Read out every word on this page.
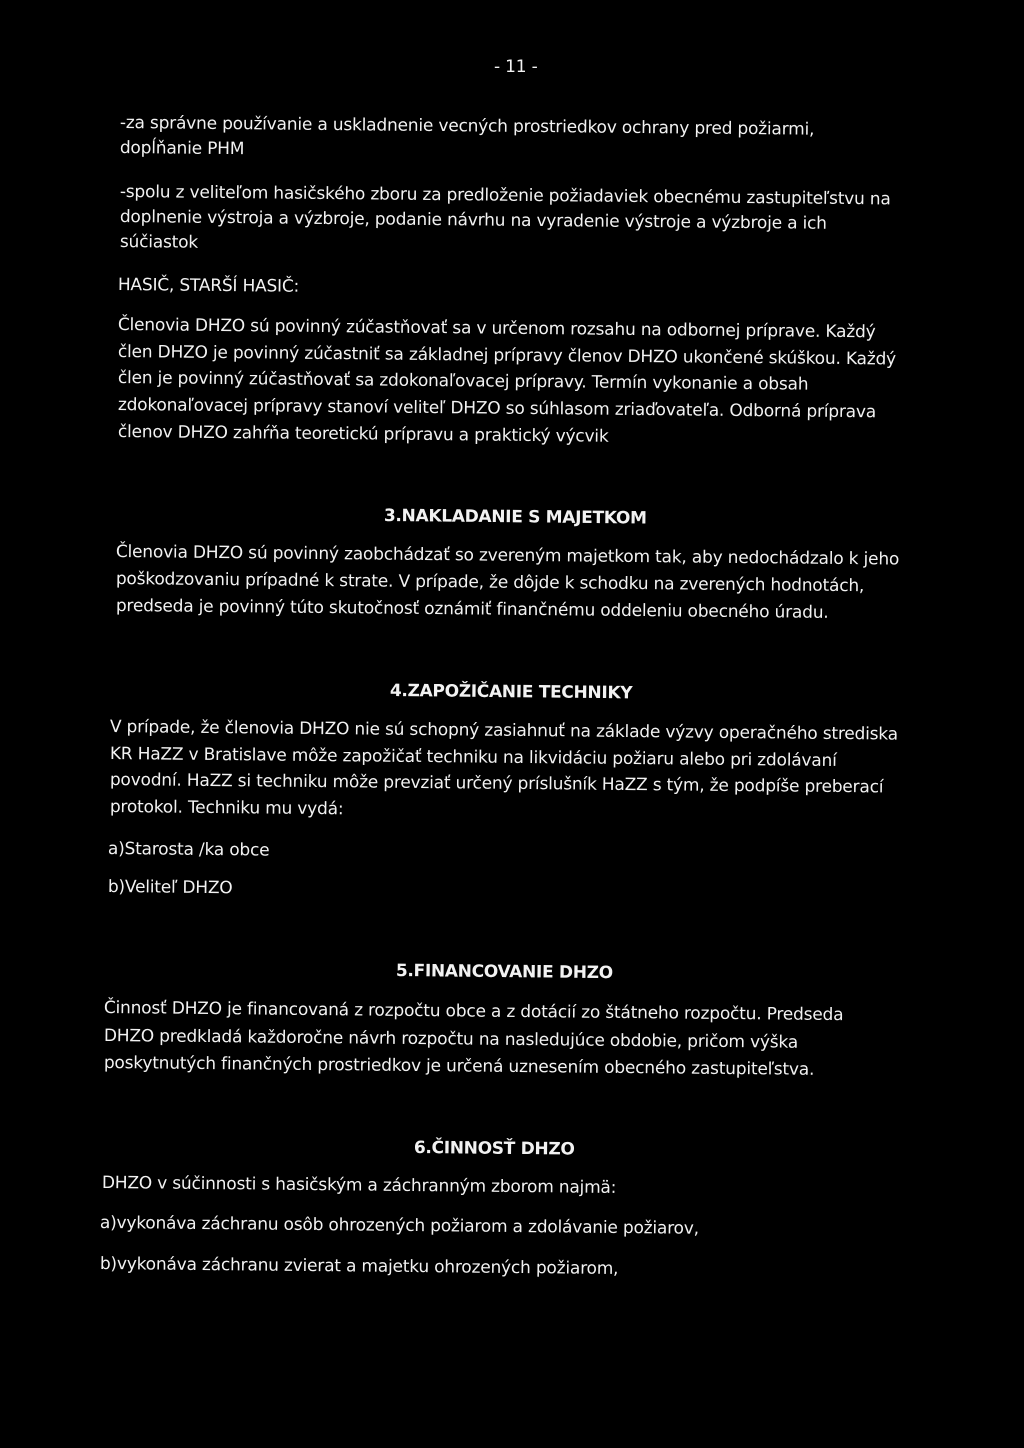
- 11 -
-za správne používanie a uskladnenie vecných prostriedkov ochrany pred požiarmi,
dopĺňanie PHM
-spolu z veliteľom hasičského zboru za predloženie požiadaviek obecnému zastupiteľstvu na
doplnenie výstroja a výzbroje, podanie návrhu na vyradenie výstroje a výzbroje a ich
súčiastok
HASIČ, STARŠÍ HASIČ:
Členovia DHZO sú povinný zúčastňovať sa v určenom rozsahu na odbornej príprave. Každý
člen DHZO je povinný zúčastniť sa základnej prípravy členov DHZO ukončené skúškou. Každý
člen je povinný zúčastňovať sa zdokonaľovacej prípravy. Termín vykonanie a obsah
zdokonaľovacej prípravy stanoví veliteľ DHZO so súhlasom zriaďovateľa. Odborná príprava
členov DHZO zahŕňa teoretickú prípravu a praktický výcvik
3.NAKLADANIE S MAJETKOM
Členovia DHZO sú povinný zaobchádzať so zvereným majetkom tak, aby nedochádzalo k jeho
poškodzovaniu prípadné k strate. V prípade, že dôjde k schodku na zverených hodnotách,
predseda je povinný túto skutočnosť oznámiť finančnému oddeleniu obecného úradu.
4.ZAPOŽIČANIE TECHNIKY
V prípade, že členovia DHZO nie sú schopný zasiahnuť na základe výzvy operačného strediska
KR HaZZ v Bratislave môže zapožičať techniku na likvidáciu požiaru alebo pri zdolávaní
povodní. HaZZ si techniku môže prevziať určený príslušník HaZZ s tým, že podpíše preberací
protokol. Techniku mu vydá:
a)Starosta /ka obce
b)Veliteľ DHZO
5.FINANCOVANIE DHZO
Činnosť DHZO je financovaná z rozpočtu obce a z dotácií zo štátneho rozpočtu. Predseda
DHZO predkladá každoročne návrh rozpočtu na nasledujúce obdobie, pričom výška
poskytnutých finančných prostriedkov je určená uznesením obecného zastupiteľstva.
6.ČINNOSŤ DHZO
DHZO v súčinnosti s hasičským a záchranným zborom najmä:
a)vykonáva záchranu osôb ohrozených požiarom a zdolávanie požiarov,
b)vykonáva záchranu zvierat a majetku ohrozených požiarom,
